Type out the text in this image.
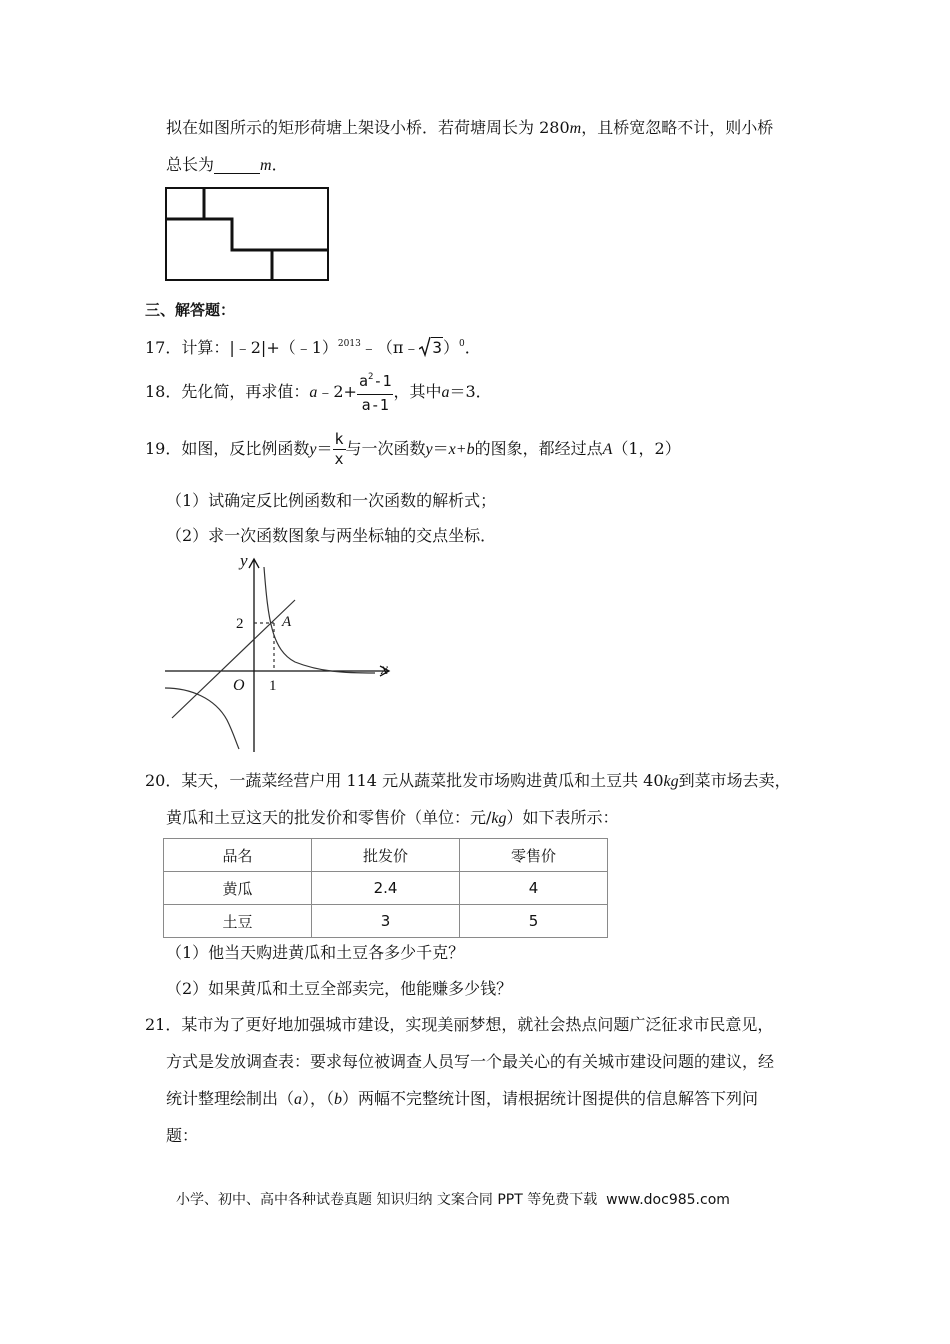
拟在如图所示的矩形荷塘上架设小桥．若荷塘周长为 280m，且桥宽忽略不计，则小桥
总长为	m．
三、解答题：
17．计算：|﹣2|+（﹣1）$^{2013}$﹣（π﹣ 3）$^0$．
18．先化简，再求值：a﹣2+ $\frac{a^2-1}{a-1}$ ，其中a＝3．
19．如图，反比例函数$y= \frac{k}{x}$ 与一次函数y＝x+b的图象，都经过点A（1，2）
（1）试确定反比例函数和一次函数的解析式；
（2）求一次函数图象与两坐标轴的交点坐标．
y
x
O 1
2	A
20．某天，一蔬菜经营户用 114 元从蔬菜批发市场购进黄瓜和土豆共 40kg到菜市场去卖，
黄瓜和土豆这天的批发价和零售价（单位：元/kg）如下表所示：
品名	批发价	零售价
黄瓜	2.4	4
土豆	3	5
（1）他当天购进黄瓜和土豆各多少千克？
（2）如果黄瓜和土豆全部卖完，他能赚多少钱？
21．某市为了更好地加强城市建设，实现美丽梦想，就社会热点问题广泛征求市民意见，
方式是发放调查表：要求每位被调查人员写一个最关心的有关城市建设问题的建议，经
统计整理绘制出（a），（b）两幅不完整统计图，请根据统计图提供的信息解答下列问
题：
小学、初中、高中各种试卷真题 知识归纳 文案合同 PPT 等免费下载 www.doc985.com
